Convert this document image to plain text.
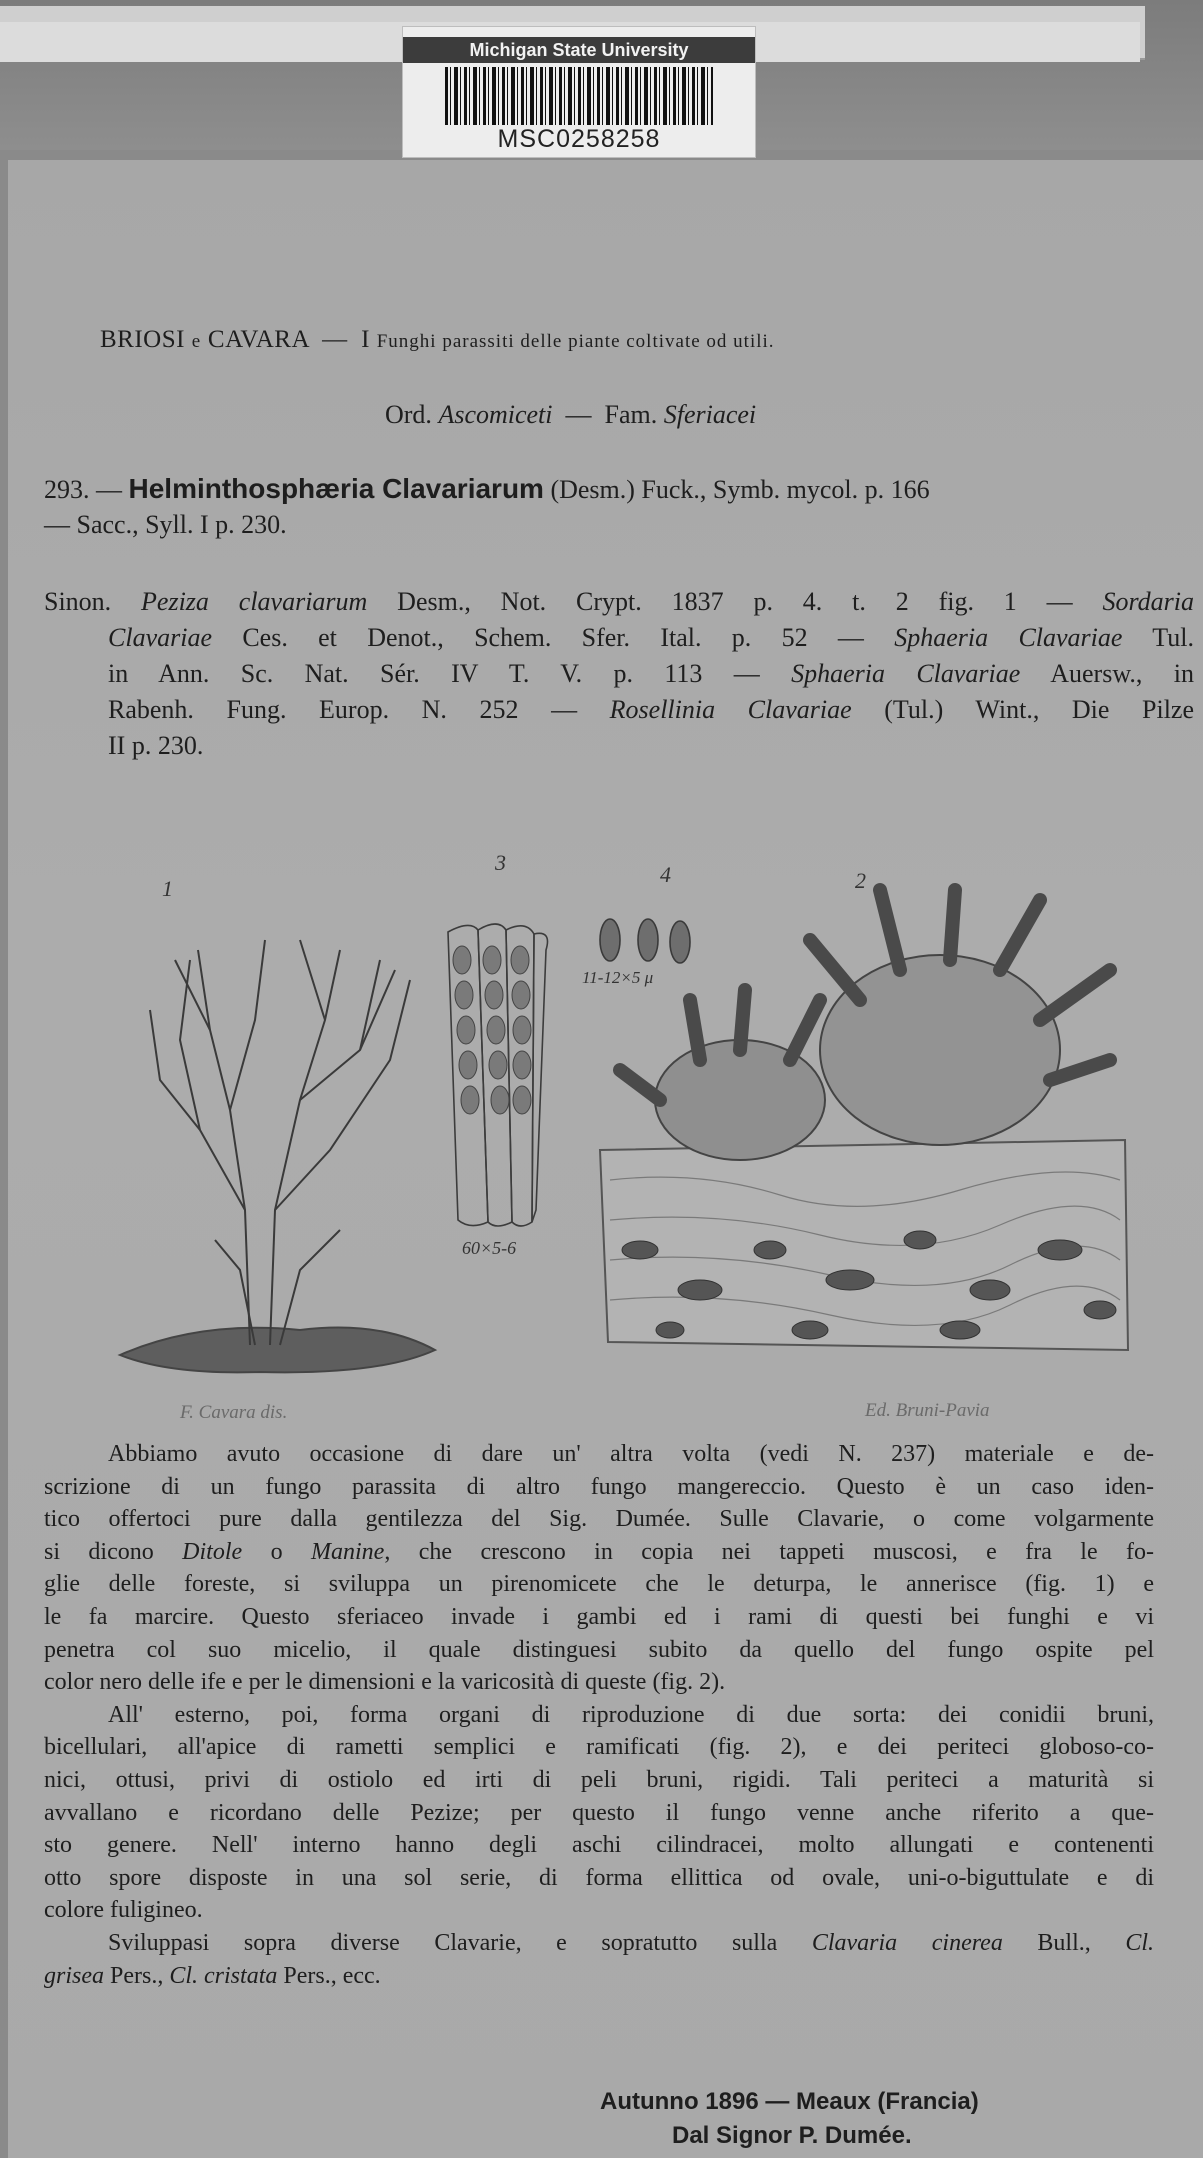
Michigan State University
MSC0258258
BRIOSI e CAVARA — I Funghi parassiti delle piante coltivate od utili.
Ord. Ascomiceti — Fam. Sferiacei
293. — Helminthosphæria Clavariarum (Desm.) Fuck., Symb. mycol. p. 166
— Sacc., Syll. I p. 230.

Sinon. Peziza clavariarum Desm., Not. Crypt. 1837 p. 4. t. 2 fig. 1 — Sordaria

Clavariae Ces. et Denot., Schem. Sfer. Ital. p. 52 — Sphaeria Clavariae Tul.

in Ann. Sc. Nat. Sér. IV T. V. p. 113 — Sphaeria Clavariae Auersw., in

Rabenh. Fung. Europ. N. 252 — Rosellinia Clavariae (Tul.) Wint., Die Pilze

II p. 230.

1	2
3	4
60×5-6
11-12×5 μ
F. Cavara dis.	Ed. Bruni-Pavia

Abbiamo avuto occasione di dare un' altra volta (vedi N. 237) materiale e de-

scrizione di un fungo parassita di altro fungo mangereccio. Questo è un caso iden-

tico offertoci pure dalla gentilezza del Sig. Dumée. Sulle Clavarie, o come volgarmente

si dicono Ditole o Manine, che crescono in copia nei tappeti muscosi, e fra le fo-

glie delle foreste, si sviluppa un pirenomicete che le deturpa, le annerisce (fig. 1) e

le fa marcire. Questo sferiaceo invade i gambi ed i rami di questi bei funghi e vi

penetra col suo micelio, il quale distinguesi subito da quello del fungo ospite pel

color nero delle ife e per le dimensioni e la varicosità di queste (fig. 2).

All' esterno, poi, forma organi di riproduzione di due sorta: dei conidii bruni,

bicellulari, all'apice di rametti semplici e ramificati (fig. 2), e dei periteci globoso-co-

nici, ottusi, privi di ostiolo ed irti di peli bruni, rigidi. Tali periteci a maturità si

avvallano e ricordano delle Pezize; per questo il fungo venne anche riferito a que-

sto genere. Nell' interno hanno degli aschi cilindracei, molto allungati e contenenti

otto spore disposte in una sol serie, di forma ellittica od ovale, uni-o-biguttulate e di

colore fuligineo.

Sviluppasi sopra diverse Clavarie, e sopratutto sulla Clavaria cinerea Bull., Cl.

grisea Pers., Cl. cristata Pers., ecc.

Autunno 1896 — Meaux (Francia)
Dal Signor P. Dumée.
